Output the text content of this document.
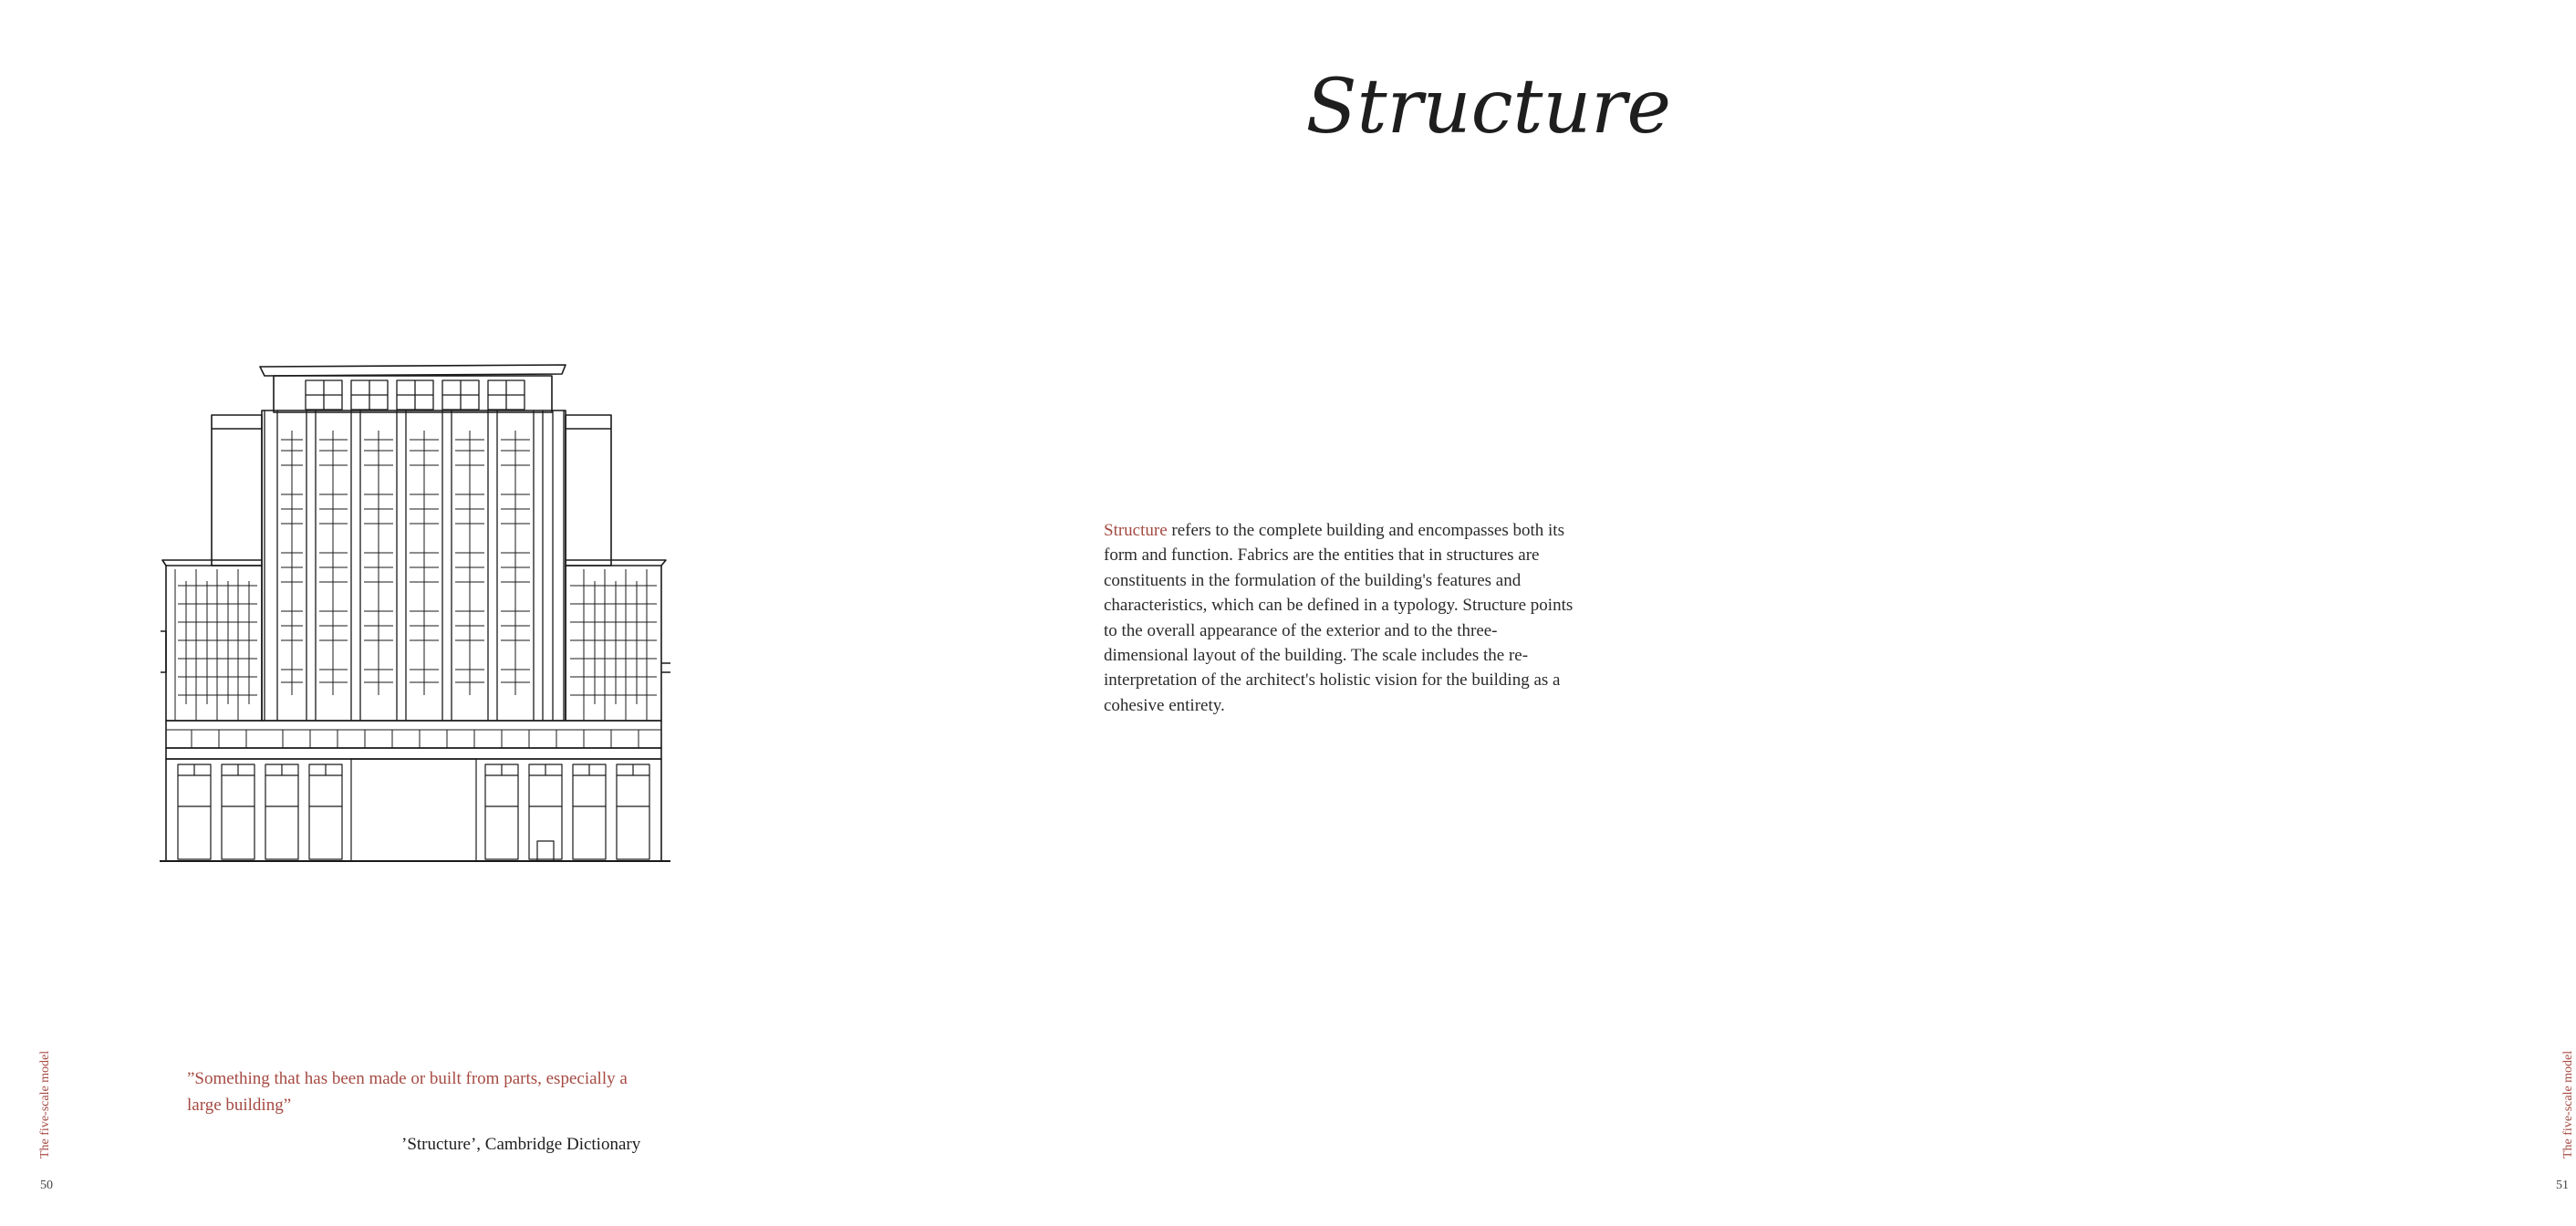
”Something that has been made or built from parts, especially a large building”

’Structure’, Cambridge Dictionary
The five-scale model
50
Structure

Structure refers to the complete building and encompasses both its form and function. Fabrics are the entities that in structures are constituents in the formulation of the building's features and characteristics, which can be defined in a typology. Structure points to the overall appearance of the exterior and to the three-dimensional layout of the building. The scale includes the re-interpretation of the architect's holistic vision for the building as a cohesive entirety.

The five-scale model
51
